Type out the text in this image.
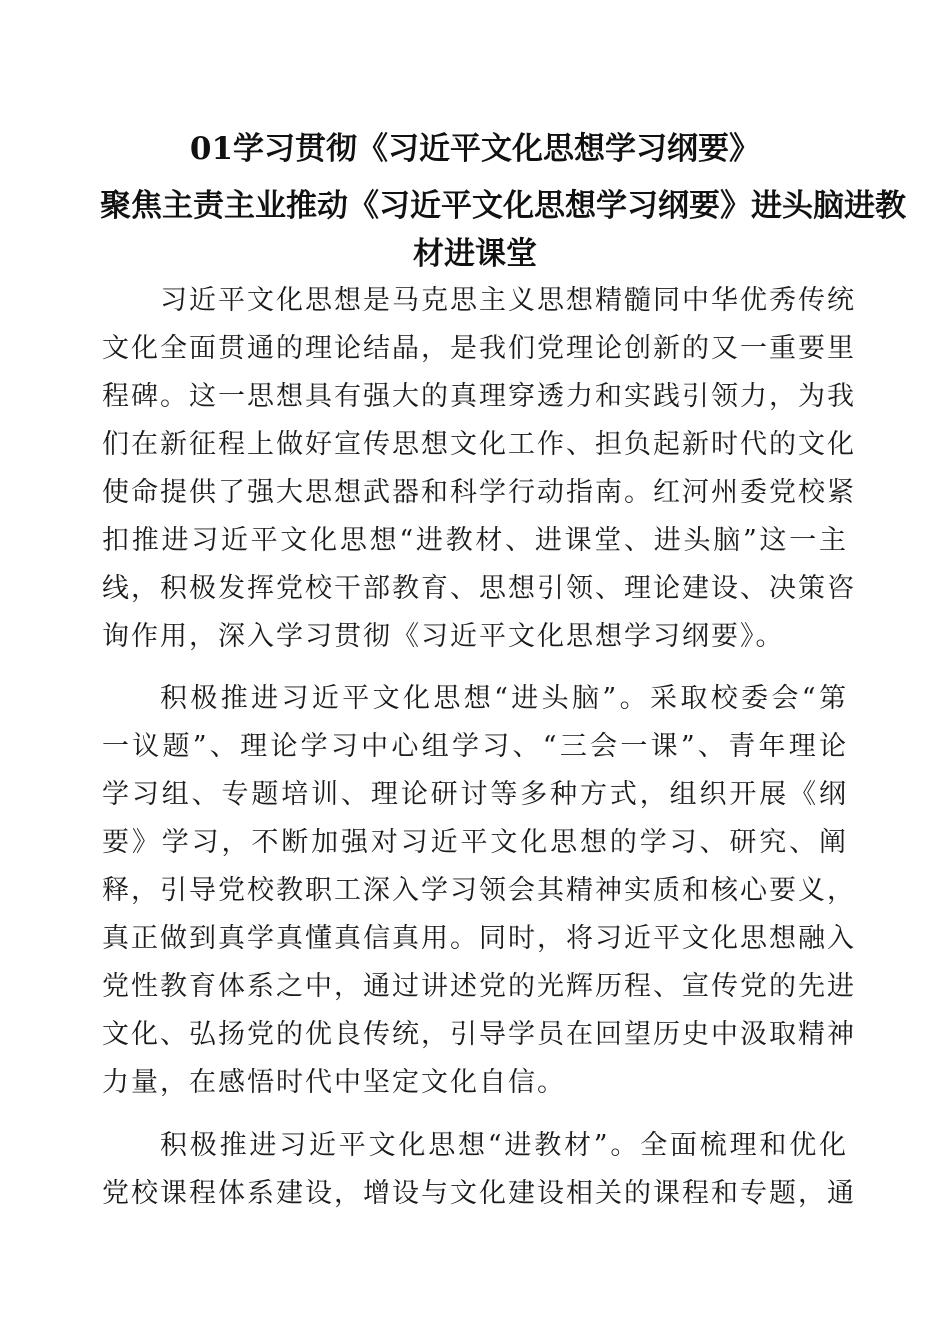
01学习贯彻《习近平文化思想学习纲要》
聚焦主责主业推动《习近平文化思想学习纲要》进头脑进教
材进课堂
习近平文化思想是马克思主义思想精髓同中华优秀传统
文化全面贯通的理论结晶，是我们党理论创新的又一重要里
程碑。这一思想具有强大的真理穿透力和实践引领力，为我
们在新征程上做好宣传思想文化工作、担负起新时代的文化
使命提供了强大思想武器和科学行动指南。红河州委党校紧
扣推进习近平文化思想“进教材、进课堂、进头脑”这一主
线，积极发挥党校干部教育、思想引领、理论建设、决策咨
询作用，深入学习贯彻《习近平文化思想学习纲要》。
积极推进习近平文化思想“进头脑”。采取校委会“第
一议题”、理论学习中心组学习、“三会一课”、青年理论
学习组、专题培训、理论研讨等多种方式，组织开展《纲
要》学习，不断加强对习近平文化思想的学习、研究、阐
释，引导党校教职工深入学习领会其精神实质和核心要义，
真正做到真学真懂真信真用。同时，将习近平文化思想融入
党性教育体系之中，通过讲述党的光辉历程、宣传党的先进
文化、弘扬党的优良传统，引导学员在回望历史中汲取精神
力量，在感悟时代中坚定文化自信。
积极推进习近平文化思想“进教材”。全面梳理和优化
党校课程体系建设，增设与文化建设相关的课程和专题，通
